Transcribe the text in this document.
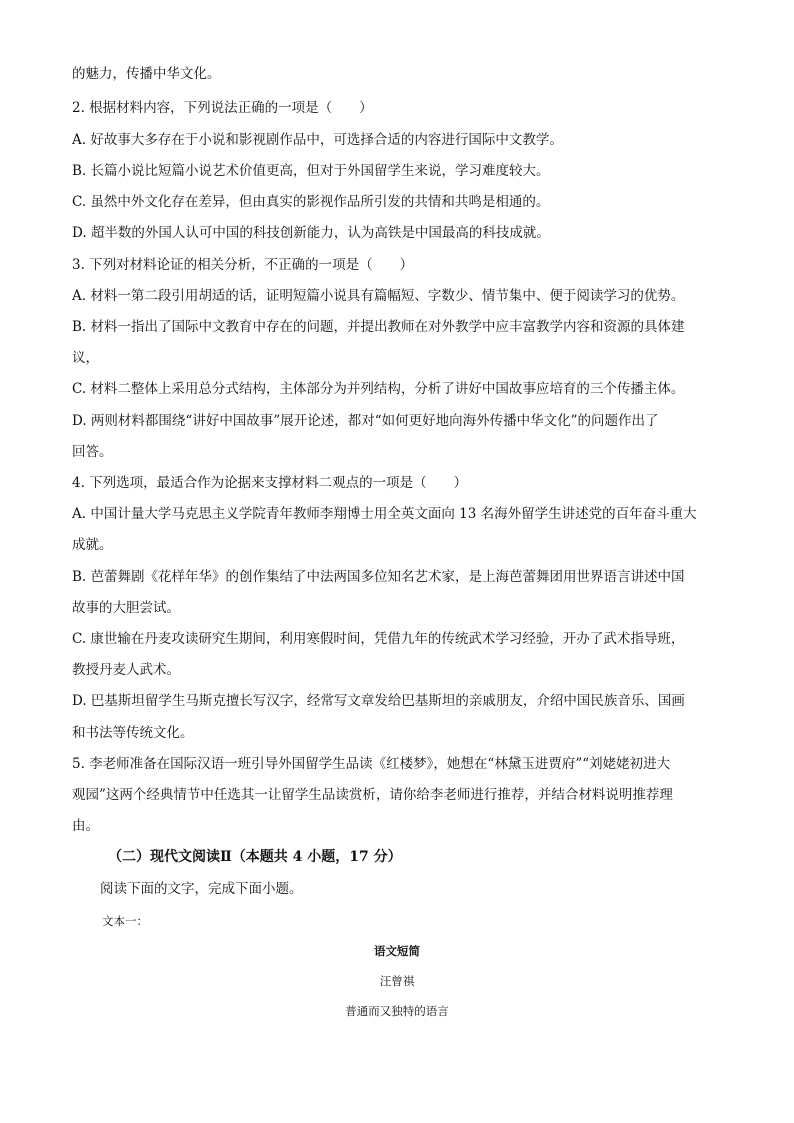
的魅力，传播中华文化。
2. 根据材料内容，下列说法正确的一项是（　　）
A. 好故事大多存在于小说和影视剧作品中，可选择合适的内容进行国际中文教学。
B. 长篇小说比短篇小说艺术价值更高，但对于外国留学生来说，学习难度较大。
C. 虽然中外文化存在差异，但由真实的影视作品所引发的共情和共鸣是相通的。
D. 超半数的外国人认可中国的科技创新能力，认为高铁是中国最高的科技成就。
3. 下列对材料论证的相关分析，不正确的一项是（　　）
A. 材料一第二段引用胡适的话，证明短篇小说具有篇幅短、字数少、情节集中、便于阅读学习的优势。
B. 材料一指出了国际中文教育中存在的问题，并提出教师在对外教学中应丰富教学内容和资源的具体建
议，
C. 材料二整体上采用总分式结构，主体部分为并列结构，分析了讲好中国故事应培育的三个传播主体。
D. 两则材料都围绕“讲好中国故事”展开论述，都对“如何更好地向海外传播中华文化”的问题作出了
回答。
4. 下列选项，最适合作为论据来支撑材料二观点的一项是（　　）
A. 中国计量大学马克思主义学院青年教师李翔博士用全英文面向 13 名海外留学生讲述党的百年奋斗重大
成就。
B. 芭蕾舞剧《花样年华》的创作集结了中法两国多位知名艺术家，是上海芭蕾舞团用世界语言讲述中国
故事的大胆尝试。
C. 康世输在丹麦攻读研究生期间，利用寒假时间，凭借九年的传统武术学习经验，开办了武术指导班，
教授丹麦人武术。
D. 巴基斯坦留学生马斯克擅长写汉字，经常写文章发给巴基斯坦的亲戚朋友，介绍中国民族音乐、国画
和书法等传统文化。
5. 李老师准备在国际汉语一班引导外国留学生品读《红楼梦》，她想在“林黛玉进贾府”“刘姥姥初进大
观园”这两个经典情节中任选其一让留学生品读赏析，请你给李老师进行推荐，并结合材料说明推荐理
由。
（二）现代文阅读Ⅱ（本题共 4 小题，17 分）
阅读下面的文字，完成下面小题。
文本一：
语文短简
汪曾祺
普通而又独特的语言
